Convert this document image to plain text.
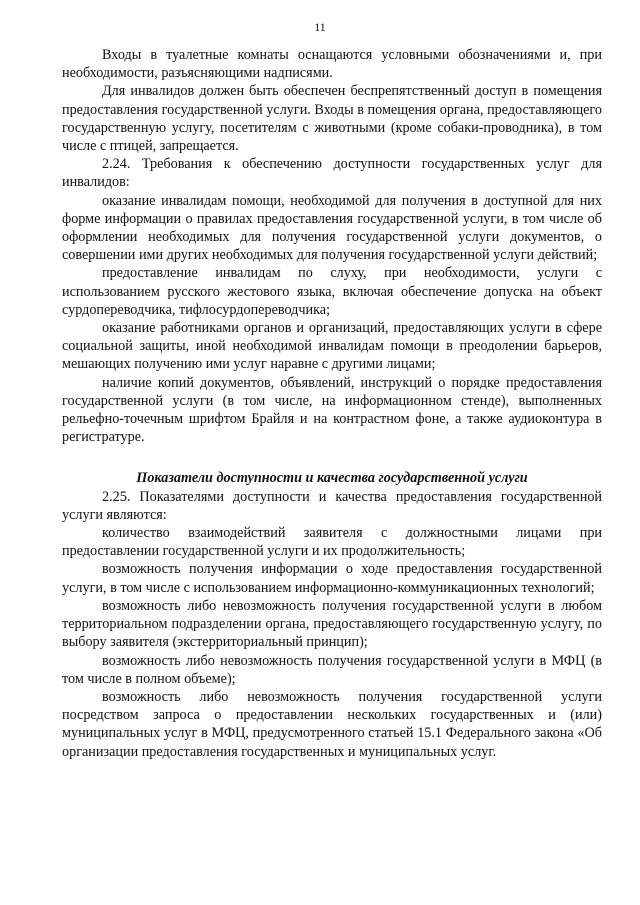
11

Входы в туалетные комнаты оснащаются условными обозначениями и, при необходимости, разъясняющими надписями.

Для инвалидов должен быть обеспечен беспрепятственный доступ в помещения предоставления государственной услуги. Входы в помещения органа, предоставляющего государственную услугу, посетителям с животными (кроме собаки-проводника), в том числе с птицей, запрещается.

2.24. Требования к обеспечению доступности государственных услуг для инвалидов:

оказание инвалидам помощи, необходимой для получения в доступной для них форме информации о правилах предоставления государственной услуги, в том числе об оформлении необходимых для получения государственной услуги документов, о совершении ими других необходимых для получения государственной услуги действий;

предоставление инвалидам по слуху, при необходимости, услуги с использованием русского жестового языка, включая обеспечение допуска на объект сурдопереводчика, тифлосурдопереводчика;

оказание работниками органов и организаций, предоставляющих услуги в сфере социальной защиты, иной необходимой инвалидам помощи в преодолении барьеров, мешающих получению ими услуг наравне с другими лицами;

наличие копий документов, объявлений, инструкций о порядке предоставления государственной услуги (в том числе, на информационном стенде), выполненных рельефно-точечным шрифтом Брайля и на контрастном фоне, а также аудиоконтура в регистратуре.

Показатели доступности и качества государственной услуги

2.25. Показателями доступности и качества предоставления государственной услуги являются:

количество взаимодействий заявителя с должностными лицами при предоставлении государственной услуги и их продолжительность;

возможность получения информации о ходе предоставления государственной услуги, в том числе с использованием информационно-коммуникационных технологий;

возможность либо невозможность получения государственной услуги в любом территориальном подразделении органа, предоставляющего государственную услугу, по выбору заявителя (экстерриториальный принцип);

возможность либо невозможность получения государственной услуги в МФЦ (в том числе в полном объеме);

возможность либо невозможность получения государственной услуги посредством запроса о предоставлении нескольких государственных и (или) муниципальных услуг в МФЦ, предусмотренного статьей 15.1 Федерального закона «Об организации предоставления государственных и муниципальных услуг.
